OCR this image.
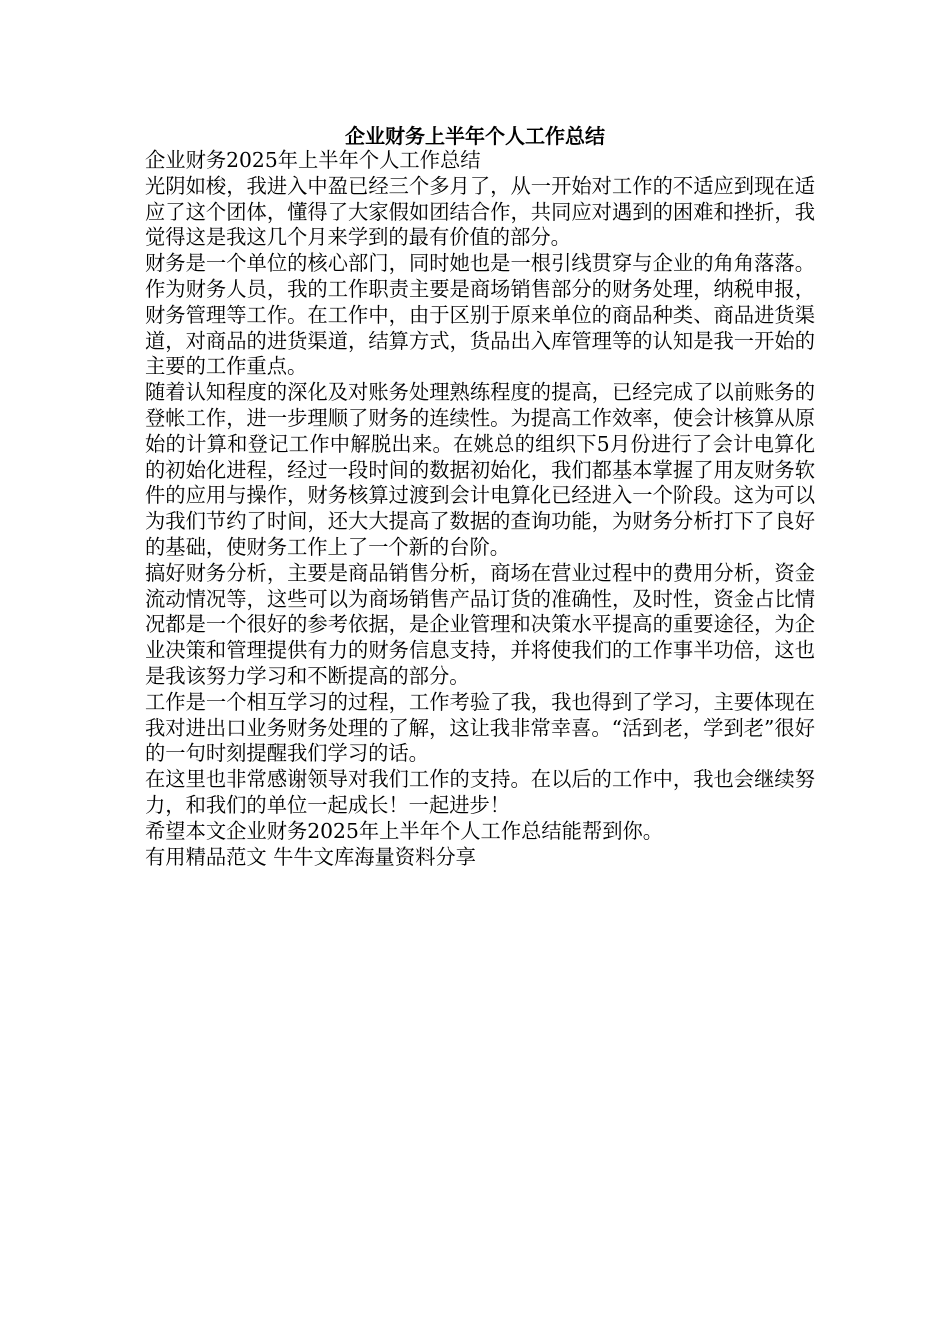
企业财务上半年个人工作总结

企业财务2025年上半年个人工作总结

光阴如梭，我进入中盈已经三个多月了，从一开始对工作的不适应到现在适应了这个团体，懂得了大家假如团结合作，共同应对遇到的困难和挫折，我觉得这是我这几个月来学到的最有价值的部分。

财务是一个单位的核心部门，同时她也是一根引线贯穿与企业的角角落落。作为财务人员，我的工作职责主要是商场销售部分的财务处理，纳税申报，财务管理等工作。在工作中，由于区别于原来单位的商品种类、商品进货渠道，对商品的进货渠道，结算方式，货品出入库管理等的认知是我一开始的主要的工作重点。

随着认知程度的深化及对账务处理熟练程度的提高，已经完成了以前账务的登帐工作，进一步理顺了财务的连续性。为提高工作效率，使会计核算从原始的计算和登记工作中解脱出来。在姚总的组织下5月份进行了会计电算化的初始化进程，经过一段时间的数据初始化，我们都基本掌握了用友财务软件的应用与操作，财务核算过渡到会计电算化已经进入一个阶段。这为可以为我们节约了时间，还大大提高了数据的查询功能，为财务分析打下了良好的基础，使财务工作上了一个新的台阶。

搞好财务分析，主要是商品销售分析，商场在营业过程中的费用分析，资金流动情况等，这些可以为商场销售产品订货的准确性，及时性，资金占比情况都是一个很好的参考依据，是企业管理和决策水平提高的重要途径，为企业决策和管理提供有力的财务信息支持，并将使我们的工作事半功倍，这也是我该努力学习和不断提高的部分。

工作是一个相互学习的过程，工作考验了我，我也得到了学习，主要体现在我对进出口业务财务处理的了解，这让我非常幸喜。“活到老，学到老”很好的一句时刻提醒我们学习的话。

在这里也非常感谢领导对我们工作的支持。在以后的工作中，我也会继续努力，和我们的单位一起成长！一起进步！

希望本文企业财务2025年上半年个人工作总结能帮到你。

有用精品范文 牛牛文库海量资料分享
